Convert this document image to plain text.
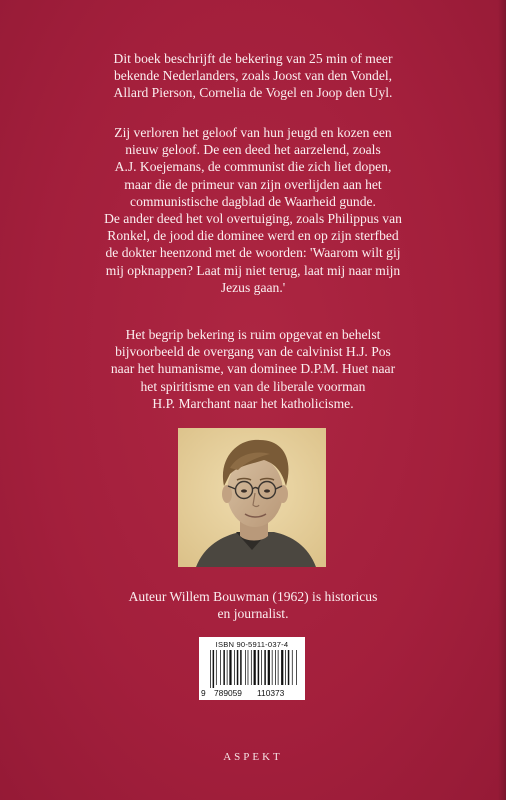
Dit boek beschrijft de bekering van 25 min of meer
bekende Nederlanders, zoals Joost van den Vondel,
Allard Pierson, Cornelia de Vogel en Joop den Uyl.

Zij verloren het geloof van hun jeugd en kozen een
nieuw geloof. De een deed het aarzelend, zoals
A.J. Koejemans, de communist die zich liet dopen,
maar die de primeur van zijn overlijden aan het
communistische dagblad de Waarheid gunde.
De ander deed het vol overtuiging, zoals Philippus van
Ronkel, de jood die dominee werd en op zijn sterfbed
de dokter heenzond met de woorden: 'Waarom wilt gij
mij opknappen? Laat mij niet terug, laat mij naar mijn
Jezus gaan.'

Het begrip bekering is ruim opgevat en behelst
bijvoorbeeld de overgang van de calvinist H.J. Pos
naar het humanisme, van dominee D.P.M. Huet naar
het spiritisme en van de liberale voorman
H.P. Marchant naar het katholicisme.

Auteur Willem Bouwman (1962) is historicus
en journalist.
ISBN 90-5911-037-4
9 789059 110373
ASPEKT
